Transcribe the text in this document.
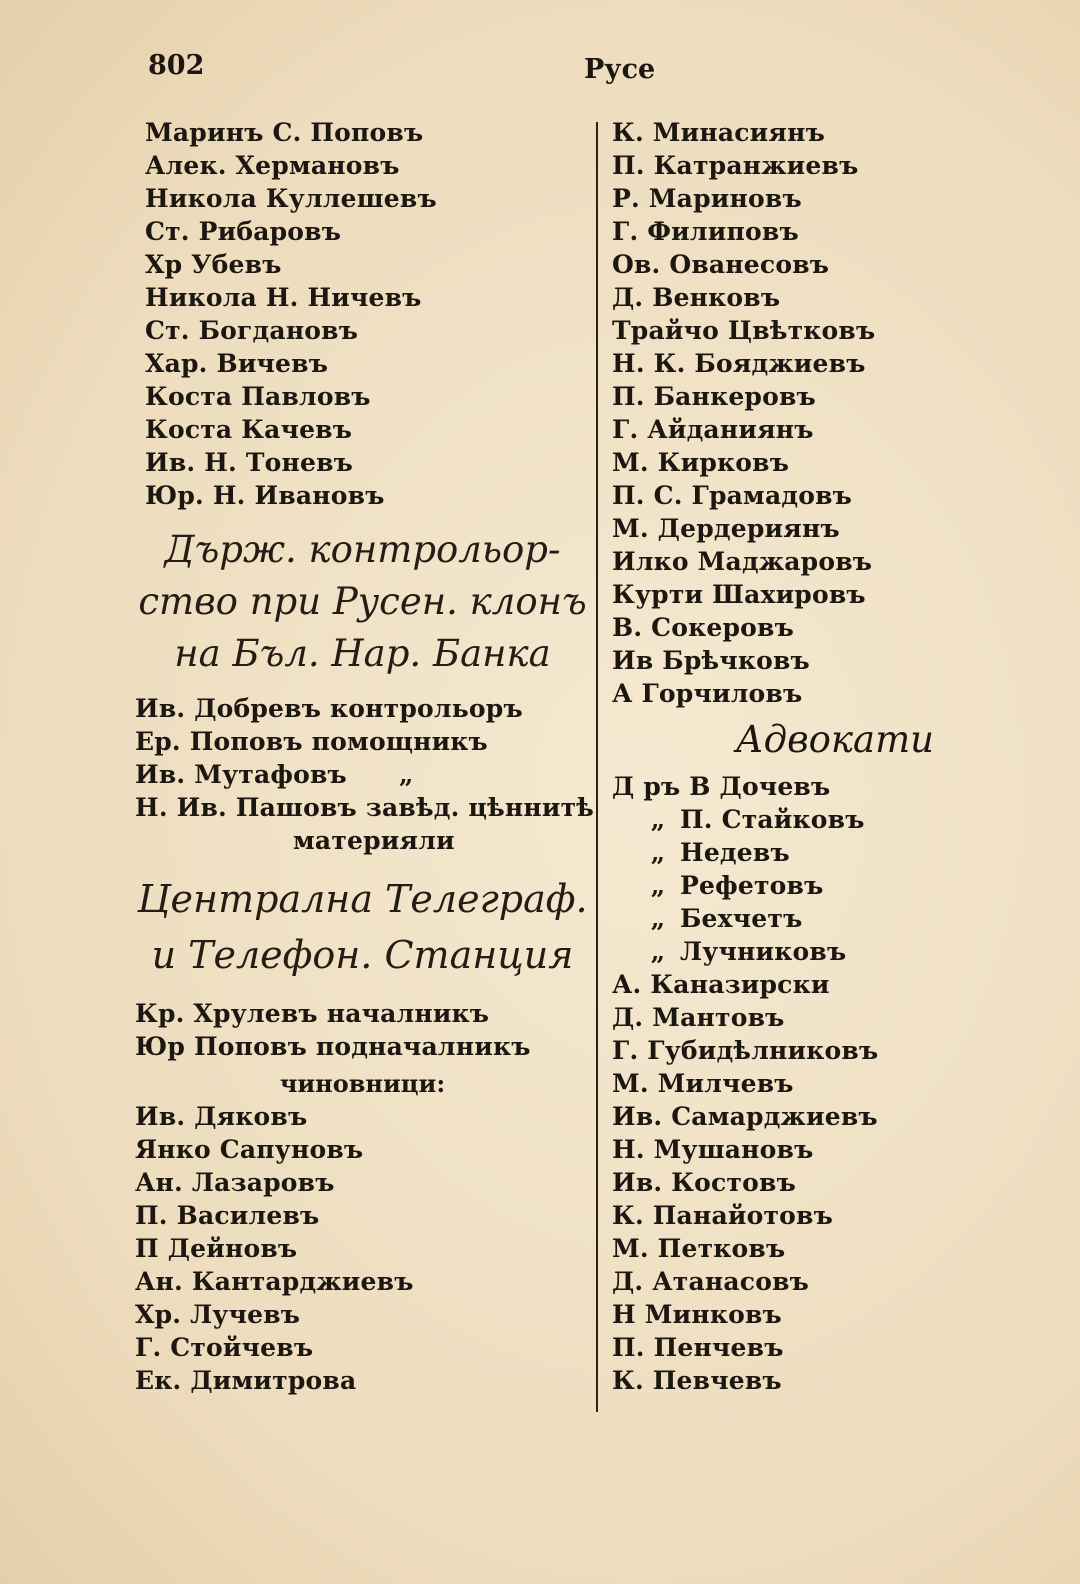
802	Русе
Маринъ С. Поповъ
Алек. Хермановъ
Никола Куллешевъ
Ст. Рибаровъ
Хр Убевъ
Никола Н. Ничевъ
Ст. Богдановъ
Хар. Вичевъ
Коста Павловъ
Коста Качевъ
Ив. Н. Тоневъ
Юр. Н. Ивановъ
Държ. контрольор-
ство при Русен. клонъ
на Бъл. Нар. Банка
Ив. Добревъ контрольоръ
Ер. Поповъ помощникъ
Ив. Мутафовъ „
Н. Ив. Пашовъ завѣд. цѣннитѣ
материяли
Централна Телеграф.
и Телефон. Станция
Кр. Хрулевъ началникъ
Юр Поповъ подначалникъ
чиновници:
Ив. Дяковъ
Янко Сапуновъ
Ан. Лазаровъ
П. Василевъ
П Дейновъ
Ан. Кантарджиевъ
Хр. Лучевъ
Г. Стойчевъ
Ек. Димитрова
К. Минасиянъ
П. Катранжиевъ
Р. Мариновъ
Г. Филиповъ
Ов. Ованесовъ
Д. Венковъ
Трайчо Цвѣтковъ
Н. К. Бояджиевъ
П. Банкеровъ
Г. Айданиянъ
М. Кирковъ
П. С. Грамадовъ
М. Дердериянъ
Илко Маджаровъ
Курти Шахировъ
В. Сокеровъ
Ив Брѣчковъ
А Горчиловъ
Адвокати
Д ръ В Дочевъ
„ П. Стайковъ
„ Недевъ
„ Рефетовъ
„ Бехчетъ
„ Лучниковъ
А. Каназирски
Д. Мантовъ
Г. Губидѣлниковъ
М. Милчевъ
Ив. Самарджиевъ
Н. Мушановъ
Ив. Костовъ
К. Панайотовъ
М. Петковъ
Д. Атанасовъ
Н Минковъ
П. Пенчевъ
К. Певчевъ
